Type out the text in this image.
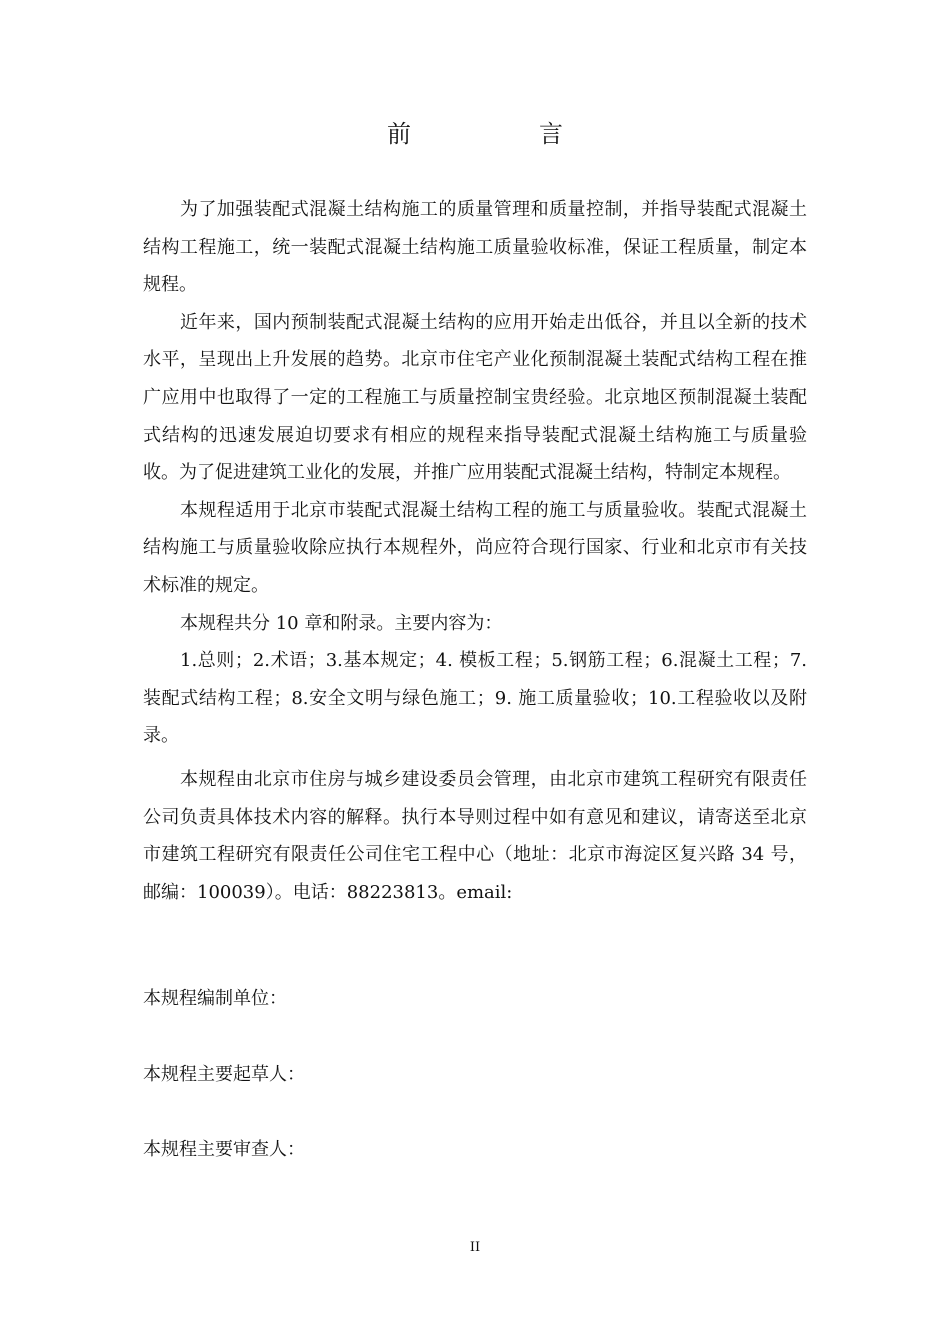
前　言

为了加强装配式混凝土结构施工的质量管理和质量控制，并指导装配式混凝土结构工程施工，统一装配式混凝土结构施工质量验收标准，保证工程质量，制定本规程。

近年来，国内预制装配式混凝土结构的应用开始走出低谷，并且以全新的技术水平，呈现出上升发展的趋势。北京市住宅产业化预制混凝土装配式结构工程在推广应用中也取得了一定的工程施工与质量控制宝贵经验。北京地区预制混凝土装配式结构的迅速发展迫切要求有相应的规程来指导装配式混凝土结构施工与质量验收。为了促进建筑工业化的发展，并推广应用装配式混凝土结构，特制定本规程。

本规程适用于北京市装配式混凝土结构工程的施工与质量验收。装配式混凝土结构施工与质量验收除应执行本规程外，尚应符合现行国家、行业和北京市有关技术标准的规定。

本规程共分 10 章和附录。主要内容为：

1.总则；2.术语；3.基本规定；4. 模板工程；5.钢筋工程；6.混凝土工程；7.装配式结构工程；8.安全文明与绿色施工；9. 施工质量验收；10.工程验收以及附录。

本规程由北京市住房与城乡建设委员会管理，由北京市建筑工程研究有限责任公司负责具体技术内容的解释。执行本导则过程中如有意见和建议，请寄送至北京市建筑工程研究有限责任公司住宅工程中心（地址：北京市海淀区复兴路 34 号，邮编：100039）。电话：88223813。email:

本规程编制单位：
本规程主要起草人：
本规程主要审查人：
II
